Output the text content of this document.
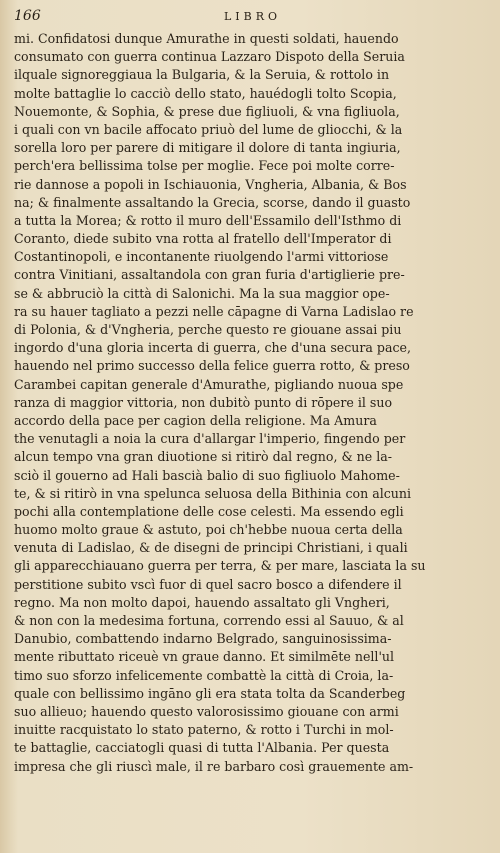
166	LIBRO
mi. Confidatosi dunque Amurathe in questi soldati, hauendo
consumato con guerra continua Lazzaro Dispoto della Seruia
ilquale signoreggiaua la Bulgaria, & la Seruia, & rottolo in
molte battaglie lo cacciò dello stato, hauédogli tolto Scopia,
Nouemonte, & Sophia, & prese due figliuoli, & vna figliuola,
i quali con vn bacile affocato priuò del lume de gliocchi, & la
sorella loro per parere di mitigare il dolore di tanta ingiuria,
perch'era bellissima tolse per moglie. Fece poi molte corre-
rie dannose a popoli in Ischiauonia, Vngheria, Albania, & Bos
na; & finalmente assaltando la Grecia, scorse, dando il guasto
a tutta la Morea; & rotto il muro dell'Essamilo dell'Isthmo di
Coranto, diede subito vna rotta al fratello dell'Imperator di
Costantinopoli, e incontanente riuolgendo l'armi vittoriose
contra Vinitiani, assaltandola con gran furia d'artiglierie pre-
se & abbruciò la città di Salonichi. Ma la sua maggior ope-
ra su hauer tagliato a pezzi nelle cāpagne di Varna Ladislao re
di Polonia, & d'Vngheria, perche questo re giouane assai piu
ingordo d'una gloria incerta di guerra, che d'una secura pace,
hauendo nel primo successo della felice guerra rotto, & preso
Carambei capitan generale d'Amurathe, pigliando nuoua spe
ranza di maggior vittoria, non dubitò punto di rōpere il suo
accordo della pace per cagion della religione. Ma Amura
the venutagli a noia la cura d'allargar l'imperio, fingendo per
alcun tempo vna gran diuotione si ritirò dal regno, & ne la-
sciò il gouerno ad Hali bascià balio di suo figliuolo Mahome-
te, & si ritirò in vna spelunca seluosa della Bithinia con alcuni
pochi alla contemplatione delle cose celesti. Ma essendo egli
huomo molto graue & astuto, poi ch'hebbe nuoua certa della
venuta di Ladislao, & de disegni de principi Christiani, i quali
gli apparecchiauano guerra per terra, & per mare, lasciata la su
perstitione subito vscì fuor di quel sacro bosco a difendere il
regno. Ma non molto dapoi, hauendo assaltato gli Vngheri,
& non con la medesima fortuna, correndo essi al Sauuo, & al
Danubio, combattendo indarno Belgrado, sanguinosissima-
mente ributtato riceuè vn graue danno. Et similmēte nell'ul
timo suo sforzo infelicemente combattè la città di Croia, la-
quale con bellissimo ingāno gli era stata tolta da Scanderbeg
suo allieuo; hauendo questo valorosissimo giouane con armi
inuitte racquistato lo stato paterno, & rotto i Turchi in mol-
te battaglie, cacciatogli quasi di tutta l'Albania. Per questa
impresa che gli riuscì male, il re barbaro così grauemente am-
